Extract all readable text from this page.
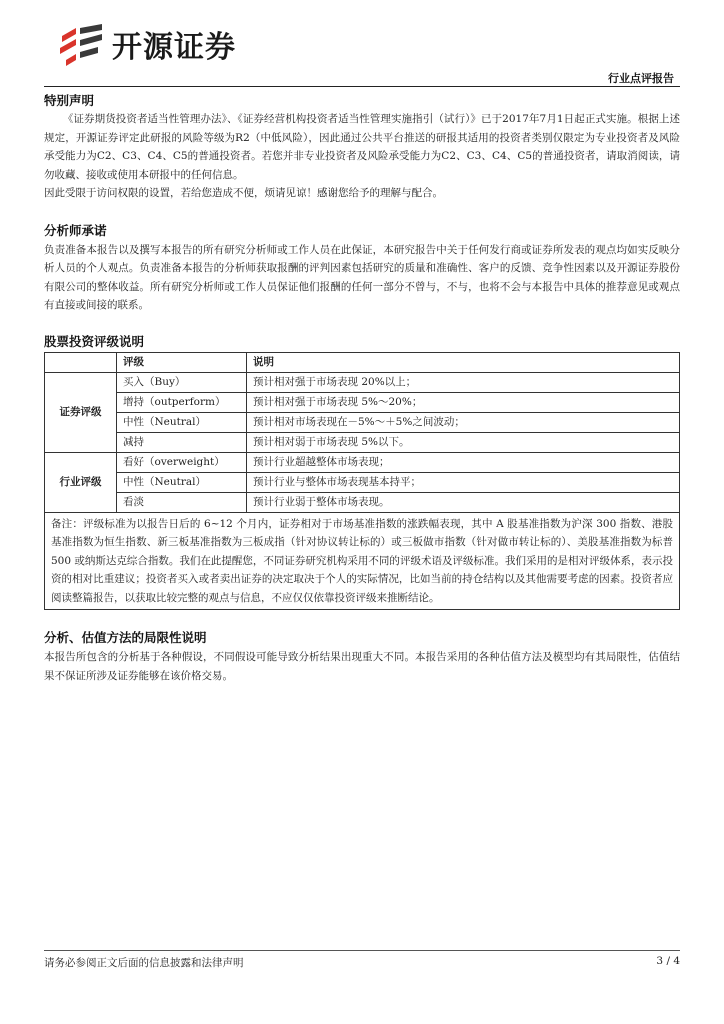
开源证券
行业点评报告
特别声明

《证券期货投资者适当性管理办法》、《证券经营机构投资者适当性管理实施指引（试行）》已于2017年7月1日起正式实施。根据上述规定，开源证券评定此研报的风险等级为R2（中低风险），因此通过公共平台推送的研报其适用的投资者类别仅限定为专业投资者及风险承受能力为C2、C3、C4、C5的普通投资者。若您并非专业投资者及风险承受能力为C2、C3、C4、C5的普通投资者，请取消阅读，请勿收藏、接收或使用本研报中的任何信息。

因此受限于访问权限的设置，若给您造成不便，烦请见谅！感谢您给予的理解与配合。

分析师承诺

负责准备本报告以及撰写本报告的所有研究分析师或工作人员在此保证，本研究报告中关于任何发行商或证券所发表的观点均如实反映分析人员的个人观点。负责准备本报告的分析师获取报酬的评判因素包括研究的质量和准确性、客户的反馈、竞争性因素以及开源证券股份有限公司的整体收益。所有研究分析师或工作人员保证他们报酬的任何一部分不曾与，不与，也将不会与本报告中具体的推荐意见或观点有直接或间接的联系。

股票投资评级说明
	评级	说明
证券评级	买入（Buy）	预计相对强于市场表现 20%以上；
	增持（outperform）	预计相对强于市场表现 5%～20%；
	中性（Neutral）	预计相对市场表现在－5%～＋5%之间波动；
	减持	预计相对弱于市场表现 5%以下。
行业评级	看好（overweight）	预计行业超越整体市场表现；
	中性（Neutral）	预计行业与整体市场表现基本持平；
	看淡	预计行业弱于整体市场表现。
备注：评级标准为以报告日后的 6~12 个月内，证券相对于市场基准指数的涨跌幅表现，其中 A 股基准指数为沪深 300 指数、港股基准指数为恒生指数、新三板基准指数为三板成指（针对协议转让标的）或三板做市指数（针对做市转让标的）、美股基准指数为标普 500 或纳斯达克综合指数。我们在此提醒您，不同证券研究机构采用不同的评级术语及评级标准。我们采用的是相对评级体系，表示投资的相对比重建议；投资者买入或者卖出证券的决定取决于个人的实际情况，比如当前的持仓结构以及其他需要考虑的因素。投资者应阅读整篇报告，以获取比较完整的观点与信息，不应仅仅依靠投资评级来推断结论。		
分析、估值方法的局限性说明

本报告所包含的分析基于各种假设，不同假设可能导致分析结果出现重大不同。本报告采用的各种估值方法及模型均有其局限性，估值结果不保证所涉及证券能够在该价格交易。

请务必参阅正文后面的信息披露和法律声明	3 / 4
